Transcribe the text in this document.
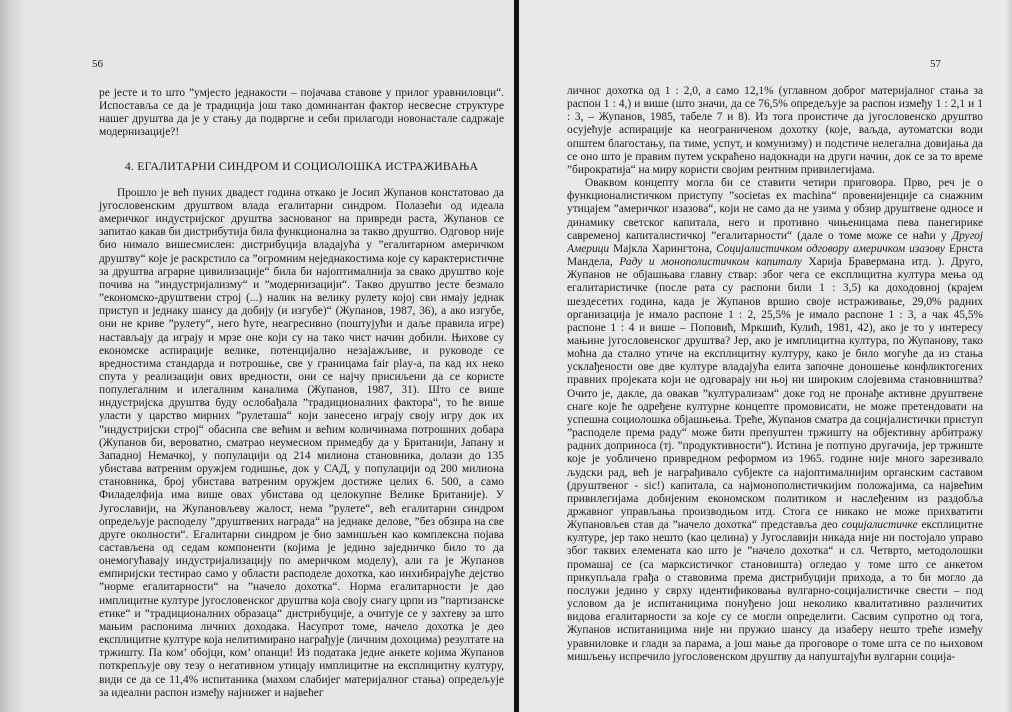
56

ре јесте и то што ”умјесто једнакости – појачава ставове у прилог уравниловци“. Испоставља се да је традиција још тако доминантан фактор несвесне структуре нашег друштва да је у стању да подвргне и себи прилагоди новонастале садржаје модернизације?!

4. ЕГАЛИТАРНИ СИНДРОМ И СОЦИОЛОШКА ИСТРАЖИВАЊА

Прошло је већ пуних двадест година откако је Јосип Жупанов констатовао да југословенским друштвом влада егалитарни синдром. Полазећи од идеала америчког индустријског друштва заснованог на привреди раста, Жупанов се запитао какав би дистрибутија била функционална за такво друштво. Одговор није био нимало вишесмислен: дистрибуција владајућа у ”егалитарном америчком друштву“ које је раскрстило са ”огромним неједнакостима које су карактеристичне за друштва аграрне цивилизације“ била би најоптималнија за свако друштво које почива на ”индустријализму“ и ”модернизацији“. Такво друштво јесте безмало ”економско-друштвени строј (...) налик на велику рулету којој сви имају једнак приступ и једнаку шансу да добију (и изгубе)“ (Жупанов, 1987, 36), а ако изгубе, они не криве ”рулету“, него ћуте, неагресивно (поштујући и даље правила игре) настављају да играју и мрзе оне који су на такo чист начин добили. Њихове су економске аспирације велике, потенцијално незајажљиве, и руководе се вредностима стандарда и потрошње, све у границама fair play-a, па кад их нeко спута у реализацији ових вредности, они се најчу присиљени да се користе популегалним и илегалним каналима (Жупанов, 1987, 31). Што се више индустријска друштва буду ослобађала ”традиционалних фактора“, то ће више уласти у царство мирних ”рулеташа“ који занесено играју своју игру док их ”индустријски строј“ обасипа све већим и већим количинама потрошних добара (Жупанов би, вероватно, сматрао неумесном примедбу да у Британији, Јапану и Западној Немачкој, у популацији од 214 милиона становника, долази до 135 убистава ватреним оружјем годишње, док у САД, у популацији од 200 милиона становника, број убистава ватреним оружјем достиже целих 6. 500, а само Филаделфија има више оваx убистава од целокупне Велике Британије). У Југославији, на Жупановљеву жалост, нема ”рулете“, већ егалитарни синдром опредељује расподелу ”друштвених награда“ на једнаке делове, ”без обзира на све друге околности“. Егалитарни синдром је био замишљен као комплексна појава састављена од седам компоненти (којима је једино заједничко било то да онемогућавају индустријализацију по америчком моделу), али га је Жупанов емпиријски тестирао само у области расподеле дохотка, као инхибирајуће дејство ”норме егалитарности“ на ”начело дохотка“. Норма егалитарности је дао имплицитне културе југословенског друштва која своју снагу црпи из ”партизанске етике“ и ”традиционалних образаца“ дистрибуције, а очитује се у захтеву за што мањим распонима личних доходака. Насупрот томе, начело дохотка је део експлицитне културе која нелитимирано награђује (личним дохоцима) резултате на тржишту. Па ком’ обојци, ком’ опанци! Из података једне анкете којима Жупанов поткрепљује ову тезу о негативном утицају имплицитне на експлицитну културу, види се да се 11,4% испитаника (махом слабијег материјалног стања) опредељује за идеални распон између најнижег и највећег

57

личног дохотка од 1 : 2,0, а само 12,1% (углавном доброг материјалног стања за распон 1 : 4,) и више (што значи, да се 76,5% опредељује за распон између 1 : 2,1 и 1 : 3, – Жупанов, 1985, табеле 7 и 8). Из тога проистиче да југословенско друштво осујећује аспирације ка неограниченом дохотку (које, ваљда, аутоматски води општем благостању, па тиме, успут, и комунизму) и подстиче нелегална довијања да се оно што је правим путем ускраћено надокнади на други начин, док се за то време ”бирократија“ на миру користи својим рентним привилегијама.

Оваквом концепту могла би се ставити четири приговора. Прво, реч је о функционалистичком приступу ”societas ex machina“ провенијенције са снажним утицајем ”америчког изазова“, који не само да не узима у обзир друштвене односе и динамику светског капитала, него и противно чињеницама пева панегирике савременој капиталистичкој ”егалитарности“ (дале о томе може се наћи у Другој Америци Мајкла Харингтона, Социјалистичком одговору америчком изазову Ернста Мандела, Раду и монополистичком капиталу Харија Бравермана итд. ). Друго, Жупанов не објашњава главну ствар: због чега се експлицитна култура мења од егалитаристичке (после рата су распони били 1 : 3,5) ка доходовној (крајем шездесетих година, када је Жупанов вршио своје истраживање, 29,0% радних организација је имало распоне 1 : 2, 25,5% је имало распоне 1 : 3, а чак 45,5% распоне 1 : 4 и више – Поповић, Мркшић, Кулић, 1981, 42), ако је то у интересу мањине југословенског друштва? Јер, ако је имплицитна култура, по Жупанову, тако моћна да стално утиче на експлицитну културу, како је било могуће да из стања усклађености ове две културе владајућа елита започне доношење конфликтогених правних пројеката који не одговарају ни њој ни широким слојевима становништва? Очито је, дакле, да овакав ”културализам“ доке год не пронађе активне друштвене снаге које ће одређене културне концепте промовисати, не може претендовати на успешна социолошка објашњења. Треће, Жупанов сматра да социјалистички приступ ”расподеле према раду“ може бити препуштен тржишту на објективну арбитражу радних доприноса (тј. ”продуктивности“). Истина је потпуно другачија, јер тржиште које је уобличено привредном реформом из 1965. године није много зарезивало људски рад, већ је награђивало субјекте са најоптималнијим органским саставом (друштвеног - sic!) капитала, са најмонополистичкијим положајима, са највећим привилегијама добијеним економском политиком и наслеђеним из раздобља државног управљања производњом итд. Стога се никако не може прихватити Жупановљев став да ”начело дохотка“ представља део социјалистичке експлицитне културе, јер тако нешто (као целина) у Југославији никада није ни постојало управо због таквих елемената као што је ”начело дохотка“ и сл. Четврто, методолошки промашај се (са марксистичког становишта) огледао у томе што се анкетом прикупљала грађа о ставовима према дистрибуцији прихода, а то би могло да послужи једино у сврху идентификовања вулгарно-социјалистичке свести – под условом да је испитаницима понуђено још неколико квалитативно различитих видова егалитарности за које су се могли определити. Сасвим супротно од тога, Жупанов испитаницима није ни пружио шансу да изаберу нешто треће између уравниловке и глади за парама, а још мање да проговоре о томе шта се по њиховом мишљењу испречило југословенском друштву да напуштајући вулгарни соција-
